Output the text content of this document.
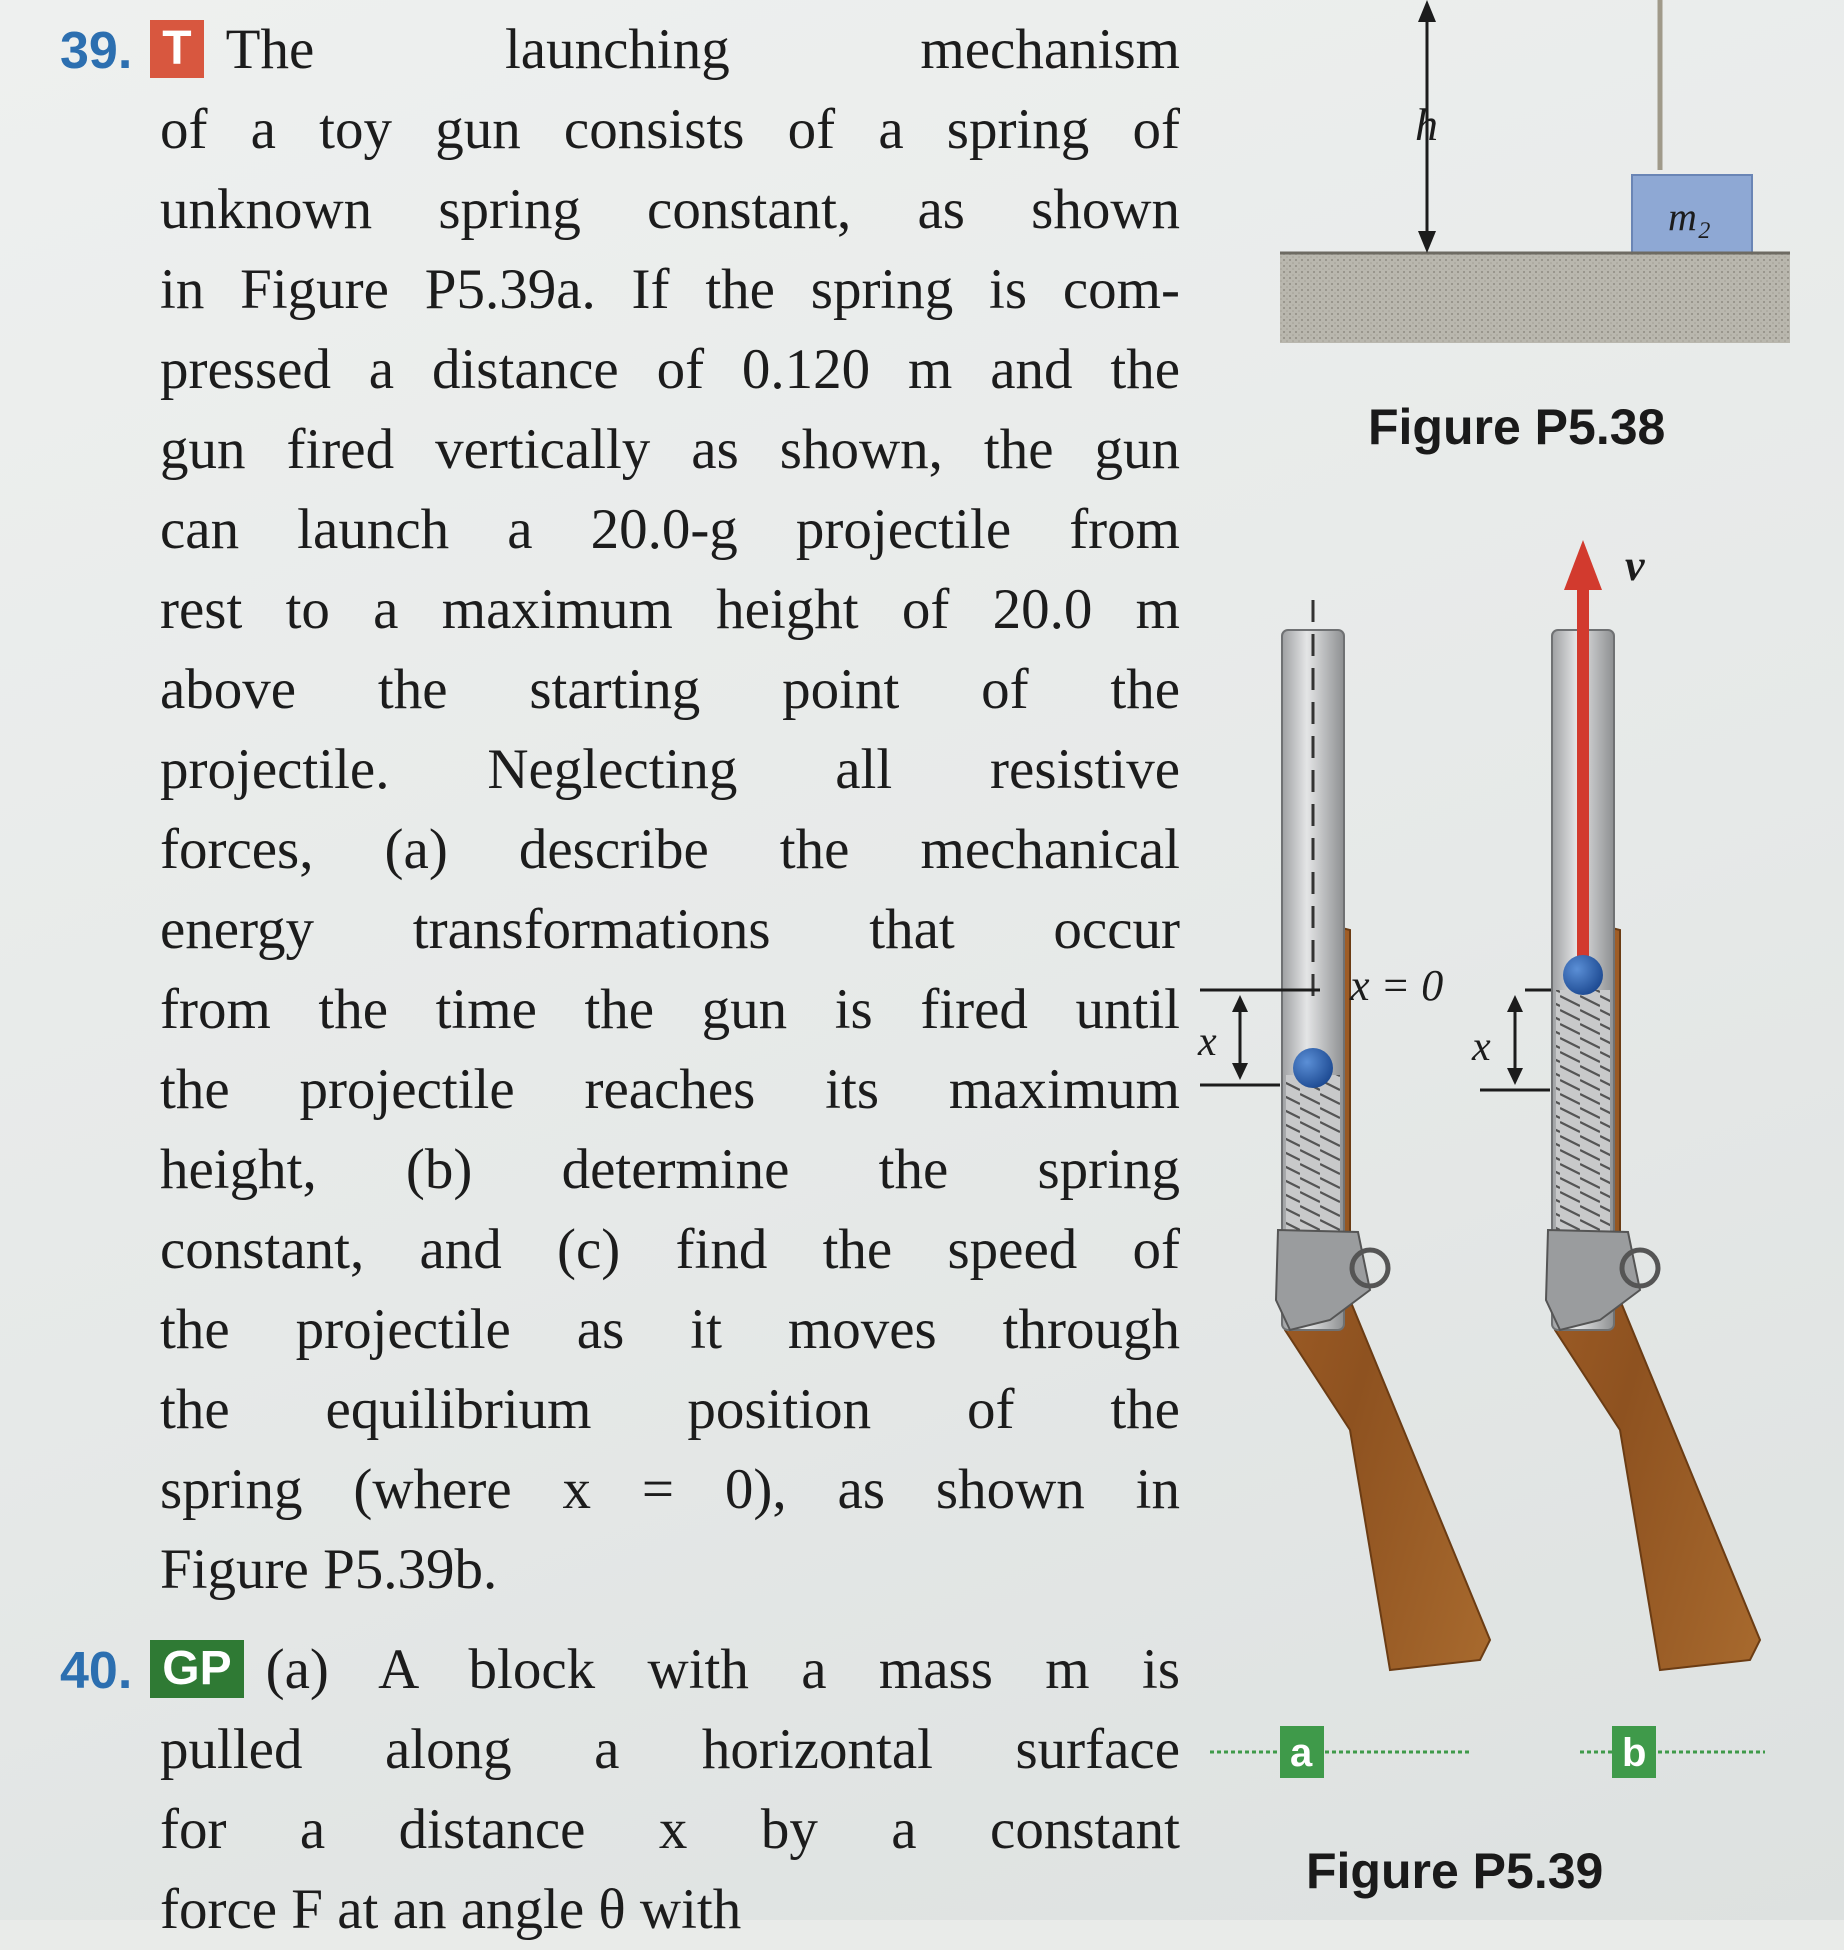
39. T The launching mechanism
of a toy gun consists of a spring of
unknown spring constant, as shown
in Figure P5.39a. If the spring is com-
pressed a distance of 0.120 m and the
gun fired vertically as shown, the gun
can launch a 20.0-g projectile from
rest to a maximum height of 20.0 m
above the starting point of the
projectile. Neglecting all resistive
forces, (a) describe the mechanical
energy transformations that occur
from the time the gun is fired until
the projectile reaches its maximum
height, (b) determine the spring
constant, and (c) find the speed of
the projectile as it moves through
the equilibrium position of the
spring (where x = 0), as shown in
Figure P5.39b.
40. GP (a) A block with a mass m is
pulled along a horizontal surface
for a distance x by a constant
force F at an angle θ with
m₂
h
x
a
x = 0
v⃗
x
b
Figure P5.38
Figure P5.39
